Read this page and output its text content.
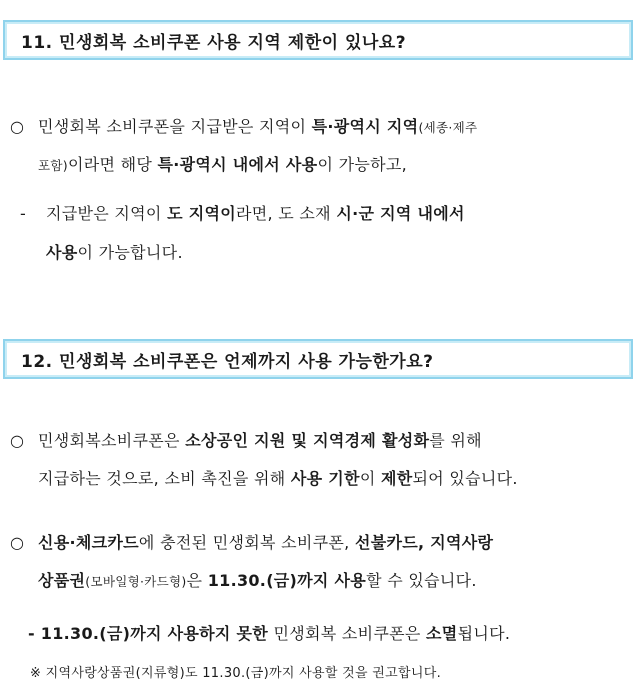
11. 민생회복 소비쿠폰 사용 지역 제한이 있나요?
○ 민생회복 소비쿠폰을 지급받은 지역이 특·광역시 지역(세종·제주
포함)이라면 해당 특·광역시 내에서 사용이 가능하고,
- 지급받은 지역이 도 지역이라면, 도 소재 시·군 지역 내에서
사용이 가능합니다.
12. 민생회복 소비쿠폰은 언제까지 사용 가능한가요?
○ 민생회복소비쿠폰은 소상공인 지원 및 지역경제 활성화를 위해
지급하는 것으로, 소비 촉진을 위해 사용 기한이 제한되어 있습니다.
○ 신용·체크카드에 충전된 민생회복 소비쿠폰, 선불카드, 지역사랑
상품권(모바일형·카드형)은 11.30.(금)까지 사용할 수 있습니다.
- 11.30.(금)까지 사용하지 못한 민생회복 소비쿠폰은 소멸됩니다.
※ 지역사랑상품권(지류형)도 11.30.(금)까지 사용할 것을 권고합니다.
